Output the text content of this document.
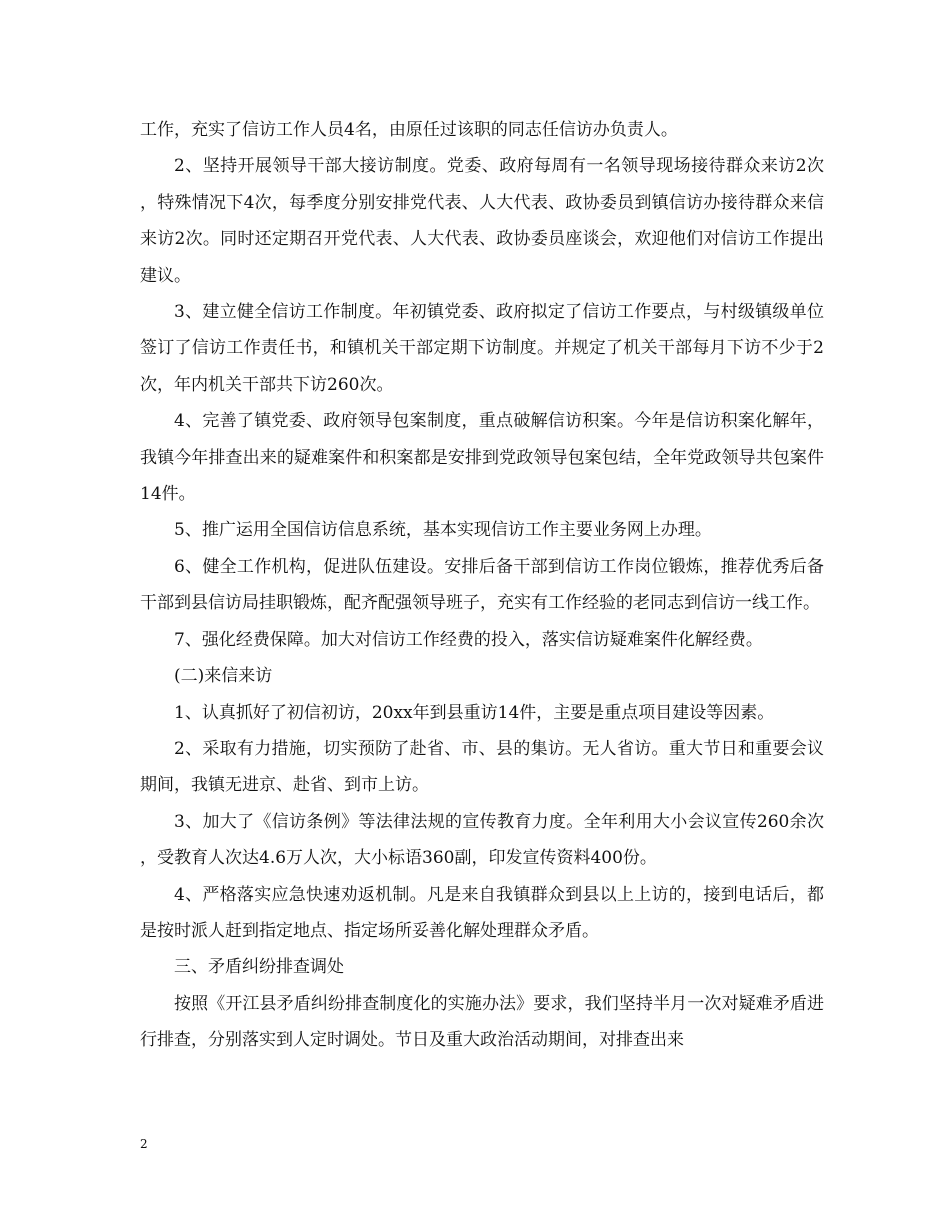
工作，充实了信访工作人员4名，由原任过该职的同志任信访办负责人。

2、坚持开展领导干部大接访制度。党委、政府每周有一名领导现场接待群众来访2次，特殊情况下4次，每季度分别安排党代表、人大代表、政协委员到镇信访办接待群众来信来访2次。同时还定期召开党代表、人大代表、政协委员座谈会，欢迎他们对信访工作提出建议。

3、建立健全信访工作制度。年初镇党委、政府拟定了信访工作要点，与村级镇级单位签订了信访工作责任书，和镇机关干部定期下访制度。并规定了机关干部每月下访不少于2次，年内机关干部共下访260次。

4、完善了镇党委、政府领导包案制度，重点破解信访积案。今年是信访积案化解年，我镇今年排查出来的疑难案件和积案都是安排到党政领导包案包结，全年党政领导共包案件14件。

5、推广运用全国信访信息系统，基本实现信访工作主要业务网上办理。

6、健全工作机构，促进队伍建设。安排后备干部到信访工作岗位锻炼，推荐优秀后备干部到县信访局挂职锻炼，配齐配强领导班子，充实有工作经验的老同志到信访一线工作。

7、强化经费保障。加大对信访工作经费的投入，落实信访疑难案件化解经费。

(二)来信来访

1、认真抓好了初信初访，20xx年到县重访14件，主要是重点项目建设等因素。

2、采取有力措施，切实预防了赴省、市、县的集访。无人省访。重大节日和重要会议期间，我镇无进京、赴省、到市上访。

3、加大了《信访条例》等法律法规的宣传教育力度。全年利用大小会议宣传260余次，受教育人次达4.6万人次，大小标语360副，印发宣传资料400份。

4、严格落实应急快速劝返机制。凡是来自我镇群众到县以上上访的，接到电话后，都是按时派人赶到指定地点、指定场所妥善化解处理群众矛盾。

三、矛盾纠纷排查调处

按照《开江县矛盾纠纷排查制度化的实施办法》要求，我们坚持半月一次对疑难矛盾进行排查，分别落实到人定时调处。节日及重大政治活动期间，对排查出来

2
